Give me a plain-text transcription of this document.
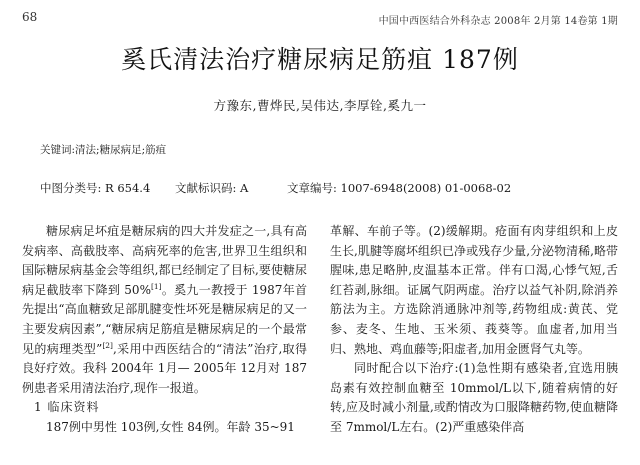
68	中国中西医结合外科杂志 2008年 2月第 14卷第 1期
奚氏清法治疗糖尿病足筋疽 187例
方豫东,曹烨民,吴伟达,李厚铨,奚九一
关键词:清法;糖尿病足;筋疽
中图分类号: R 654.4	文献标识码: A	文章编号: 1007-6948(2008) 01-0068-02

糖尿病足坏疽是糖尿病的四大并发症之一,具有高发病率、高截肢率、高病死率的危害,世界卫生组织和国际糖尿病基金会等组织,都已经制定了目标,要使糖尿病足截肢率下降到 50%[1]。奚九一教授于 1987年首先提出“高血糖致足部肌腱变性坏死是糖尿病足的又一主要发病因素”,“糖尿病足筋疽是糖尿病足的一个最常见的病理类型”[2],采用中西医结合的“清法”治疗,取得良好疗效。我科 2004年 1月— 2005年 12月对 187例患者采用清法治疗,现作一报道。

1 临床资料

187例中男性 103例,女性 84例。年龄 35~91

革解、车前子等。(2)缓解期。疮面有肉芽组织和上皮生长,肌腱等腐坏组织已净或残存少量,分泌物清稀,略带腥味,患足略肿,皮温基本正常。伴有口渴,心悸气短,舌红苔剥,脉细。证属气阴两虚。治疗以益气补阴,除消养筋法为主。方选除消通脉冲剂等,药物组成:黄芪、党参、麦冬、生地、玉米须、莪葵等。血虚者,加用当归、熟地、鸡血藤等;阳虚者,加用金匮肾气丸等。

同时配合以下治疗:(1)急性期有感染者,宜选用胰岛素有效控制血糖至 10mmol/L以下,随着病情的好转,应及时减小剂量,或酌情改为口服降糖药物,使血糖降至 7mmol/L左右。(2)严重感染伴高
